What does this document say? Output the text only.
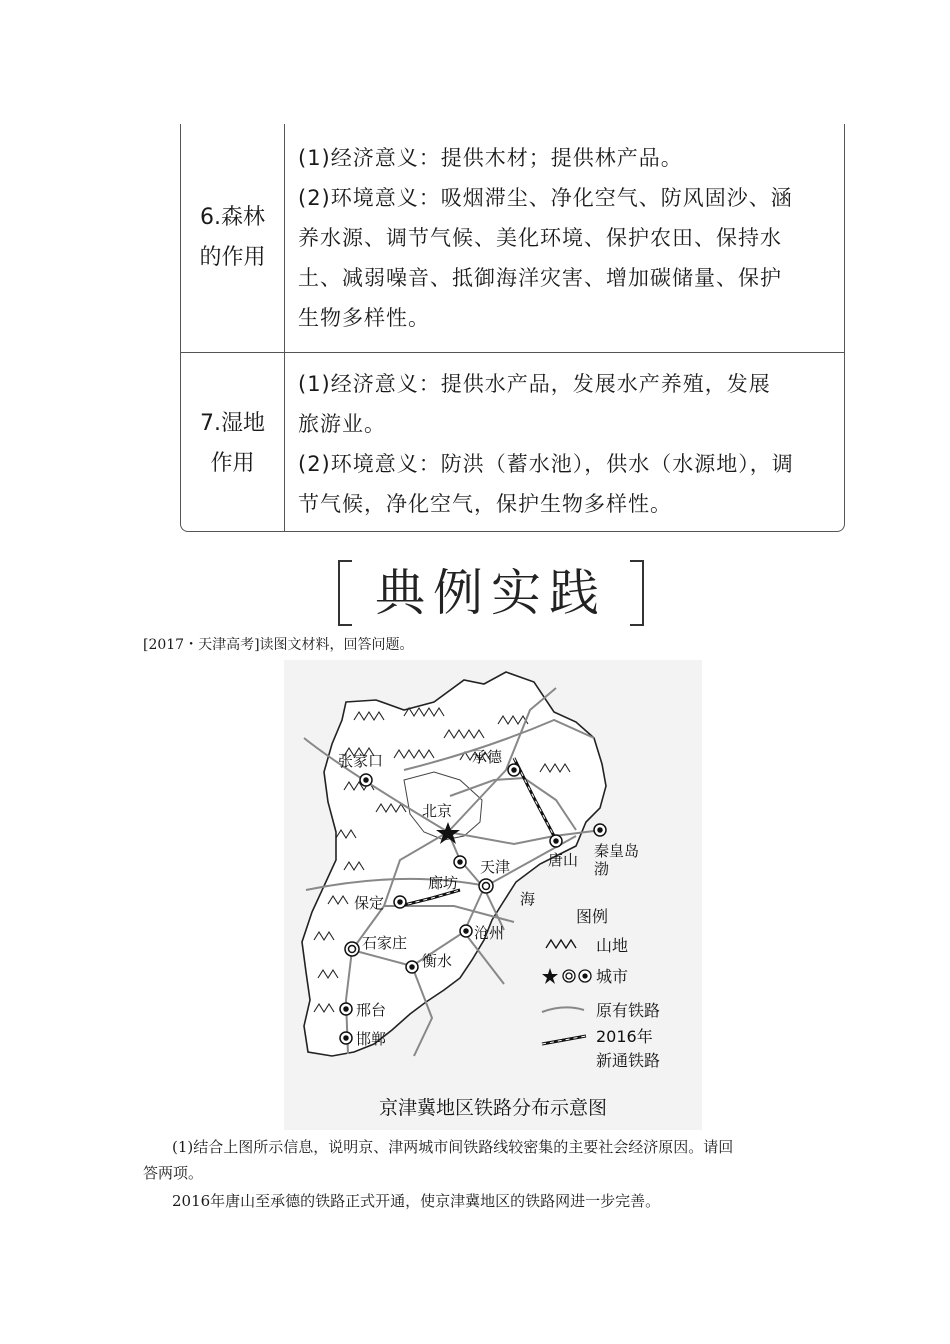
6.森林
的作用
(1)经济意义：提供木材；提供林产品。
(2)环境意义：吸烟滞尘、净化空气、防风固沙、涵
养水源、调节气候、美化环境、保护农田、保持水
土、减弱噪音、抵御海洋灾害、增加碳储量、保护
生物多样性。
7.湿地
作用
(1)经济意义：提供水产品，发展水产养殖，发展
旅游业。
(2)环境意义：防洪（蓄水池），供水（水源地），调
节气候，净化空气，保护生物多样性。
典例实践
[2017・天津高考]读图文材料，回答问题。
张家口	承德
北京
唐山 秦皇岛
廊坊
天津
保定
石家庄
沧州
衡水
邢台
邯郸
渤
海
图例
山地
城市
原有铁路
2016年
新通铁路
京津冀地区铁路分布示意图
(1)结合上图所示信息，说明京、津两城市间铁路线较密集的主要社会经济原因。请回
答两项。
2016年唐山至承德的铁路正式开通，使京津冀地区的铁路网进一步完善。
